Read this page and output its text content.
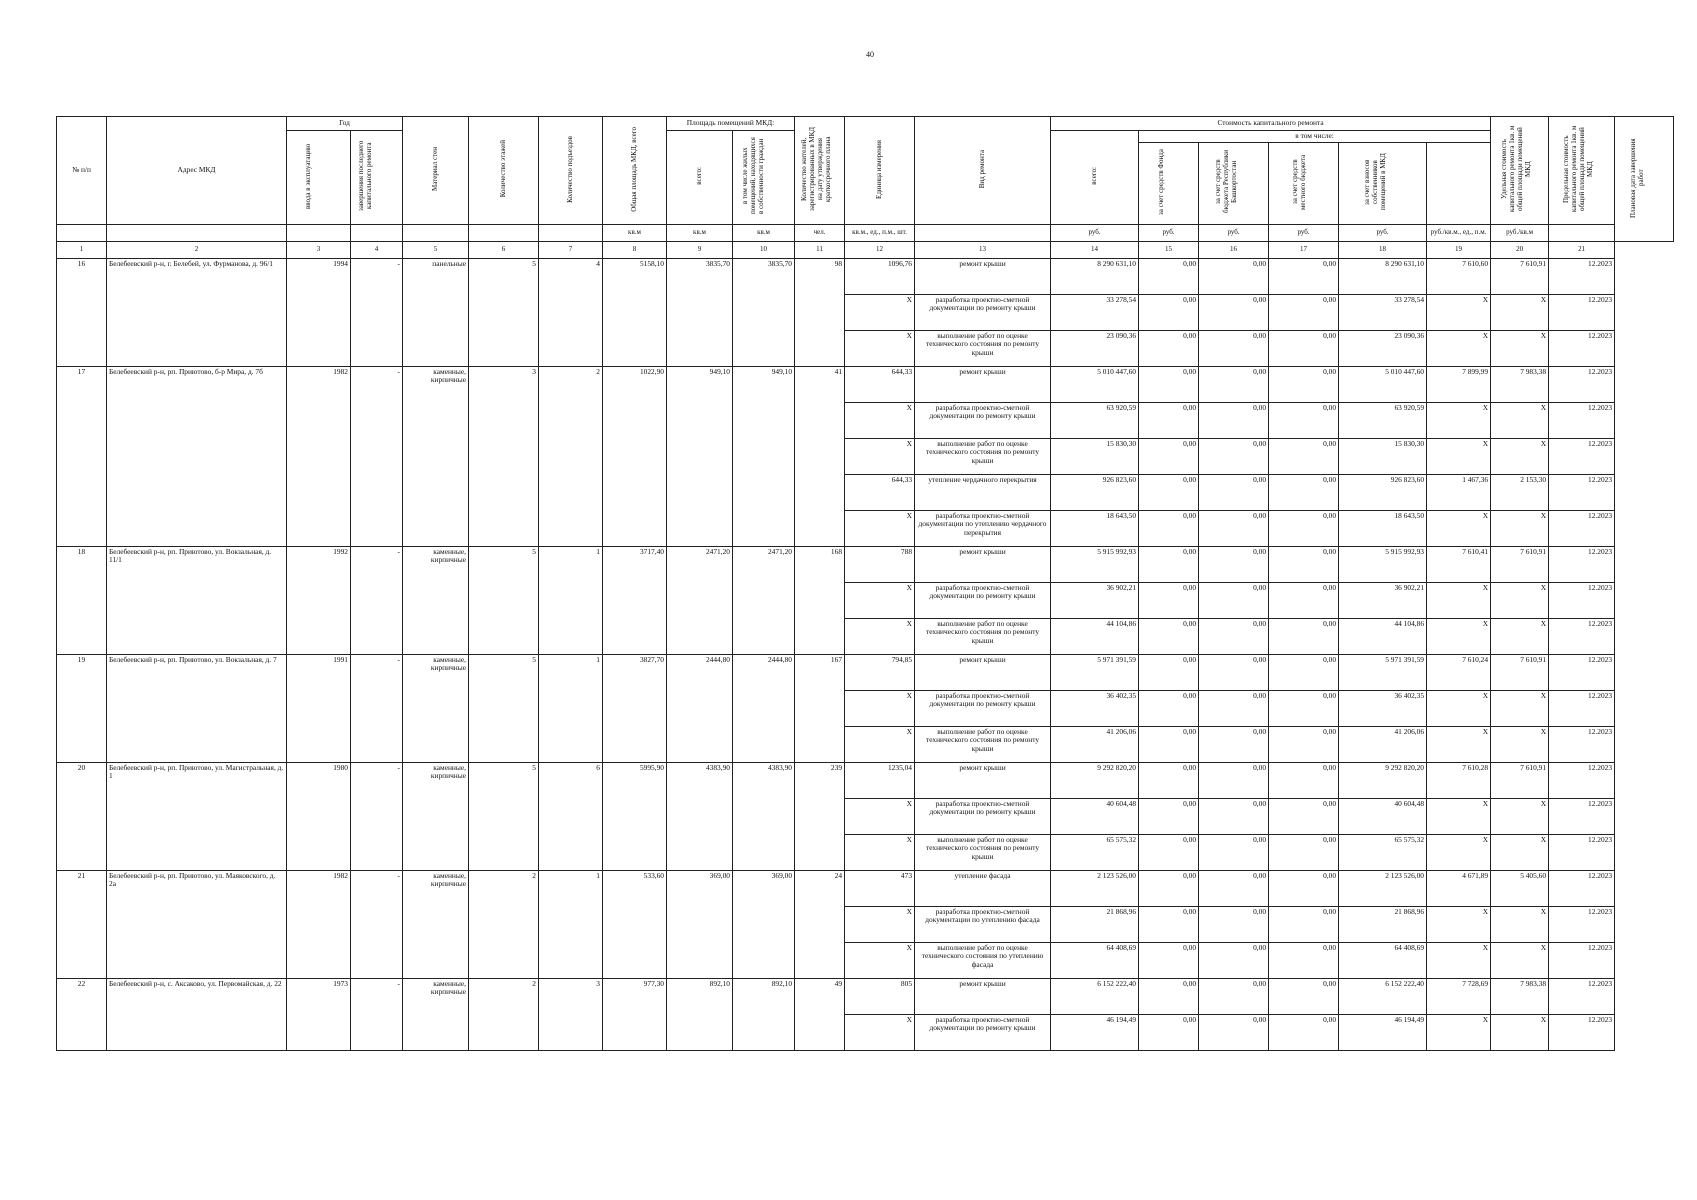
40
№ п/п	Адрес МКД	Год		Материал стен	Количество этажей	Количество подъездов	Общая площадь МКД, всего	Площадь помещений МКД:		Количество жителей, зарегистрированных в МКД на дату утверждения краткосрочного плана	Единица измерения	Вид ремонта	Стоимость капитального ремонта						Удельная стоимость капитального ремонта 1кв. м общей площади помещений МКД	Предельная стоимость капитального ремонта 1кв. м общей площади помещений МКД	Плановая дата завершения работ
		ввода в эксплуатацию	завершения последнего капитального ремонта					всего:	в том числе жилых помещений, находящихся в собственности граждан				всего:	в том числе:							
														за счет средств Фонда	за счет средств бюджета Республики Башкортостан	за счет средств местного бюджета	за счет взносов собственников помещений в МКД				
							кв.м	кв.м	кв.м	чел.	кв.м., ед., п.м., шт.		руб.	руб.	руб.	руб.	руб.	руб./кв.м., ед., п.м.	руб./кв.м		
1	2	3	4	5	6	7	8	9	10	11	12	13	14	15	16	17	18	19	20	21	
16	Белебеевский р-н, г. Белебей, ул. Фурманова, д. 96/1	1994	-	панельные	5	4	5158,10	3835,70	3835,70	98	1096,76	ремонт крыши	8 290 631,10	0,00	0,00	0,00	8 290 631,10	7 610,60	7 610,91	12.2023	
											X	разработка проектно-сметной документации по ремонту крыши	33 278,54	0,00	0,00	0,00	33 278,54	X	X	12.2023	
											X	выполнение работ по оценке технического состояния по ремонту крыши	23 090,36	0,00	0,00	0,00	23 090,36	X	X	12.2023	
17	Белебеевский р-н, рп. Приютово, б-р Мира, д. 7б	1982	-	каменные, кирпичные	3	2	1022,90	949,10	949,10	41	644,33	ремонт крыши	5 010 447,60	0,00	0,00	0,00	5 010 447,60	7 899,99	7 983,38	12.2023	
											X	разработка проектно-сметной документации по ремонту крыши	63 920,59	0,00	0,00	0,00	63 920,59	X	X	12.2023	
											X	выполнение работ по оценке технического состояния по ремонту крыши	15 830,30	0,00	0,00	0,00	15 830,30	X	X	12.2023	
											644,33	утепление чердачного перекрытия	926 823,60	0,00	0,00	0,00	926 823,60	1 467,36	2 153,30	12.2023	
											X	разработка проектно-сметной документации по утеплению чердачного перекрытия	18 643,50	0,00	0,00	0,00	18 643,50	X	X	12.2023	
18	Белебеевский р-н, рп. Приютово, ул. Вокзальная, д. 11/1	1992	-	каменные, кирпичные	5	1	3717,40	2471,20	2471,20	168	788	ремонт крыши	5 915 992,93	0,00	0,00	0,00	5 915 992,93	7 610,41	7 610,91	12.2023	
											X	разработка проектно-сметной документации по ремонту крыши	36 902,21	0,00	0,00	0,00	36 902,21	X	X	12.2023	
											X	выполнение работ по оценке технического состояния по ремонту крыши	44 104,86	0,00	0,00	0,00	44 104,86	X	X	12.2023	
19	Белебеевский р-н, рп. Приютово, ул. Вокзальная, д. 7	1991	-	каменные, кирпичные	5	1	3827,70	2444,80	2444,80	167	794,85	ремонт крыши	5 971 391,59	0,00	0,00	0,00	5 971 391,59	7 610,24	7 610,91	12.2023	
											X	разработка проектно-сметной документации по ремонту крыши	36 402,35	0,00	0,00	0,00	36 402,35	X	X	12.2023	
											X	выполнение работ по оценке технического состояния по ремонту крыши	41 206,06	0,00	0,00	0,00	41 206,06	X	X	12.2023	
20	Белебеевский р-н, рп. Приютово, ул. Магистральная, д. 1	1980	-	каменные, кирпичные	5	6	5995,90	4383,90	4383,90	239	1235,04	ремонт крыши	9 292 820,20	0,00	0,00	0,00	9 292 820,20	7 610,28	7 610,91	12.2023	
											X	разработка проектно-сметной документации по ремонту крыши	40 604,48	0,00	0,00	0,00	40 604,48	X	X	12.2023	
											X	выполнение работ по оценке технического состояния по ремонту крыши	65 575,32	0,00	0,00	0,00	65 575,32	X	X	12.2023	
21	Белебеевский р-н, рп. Приютово, ул. Маяковского, д. 2а	1982	-	каменные, кирпичные	2	1	533,60	369,00	369,00	24	473	утепление фасада	2 123 526,00	0,00	0,00	0,00	2 123 526,00	4 671,89	5 405,60	12.2023	
											X	разработка проектно-сметной документации по утеплению фасада	21 868,96	0,00	0,00	0,00	21 868,96	X	X	12.2023	
											X	выполнение работ по оценке технического состояния по утеплению фасада	64 408,69	0,00	0,00	0,00	64 408,69	X	X	12.2023	
22	Белебеевский р-н, с. Аксаково, ул. Первомайская, д. 22	1973	-	каменные, кирпичные	2	3	977,30	892,10	892,10	49	805	ремонт крыши	6 152 222,40	0,00	0,00	0,00	6 152 222,40	7 728,69	7 983,38	12.2023	
											X	разработка проектно-сметной документации по ремонту крыши	46 194,49	0,00	0,00	0,00	46 194,49	X	X	12.2023	
